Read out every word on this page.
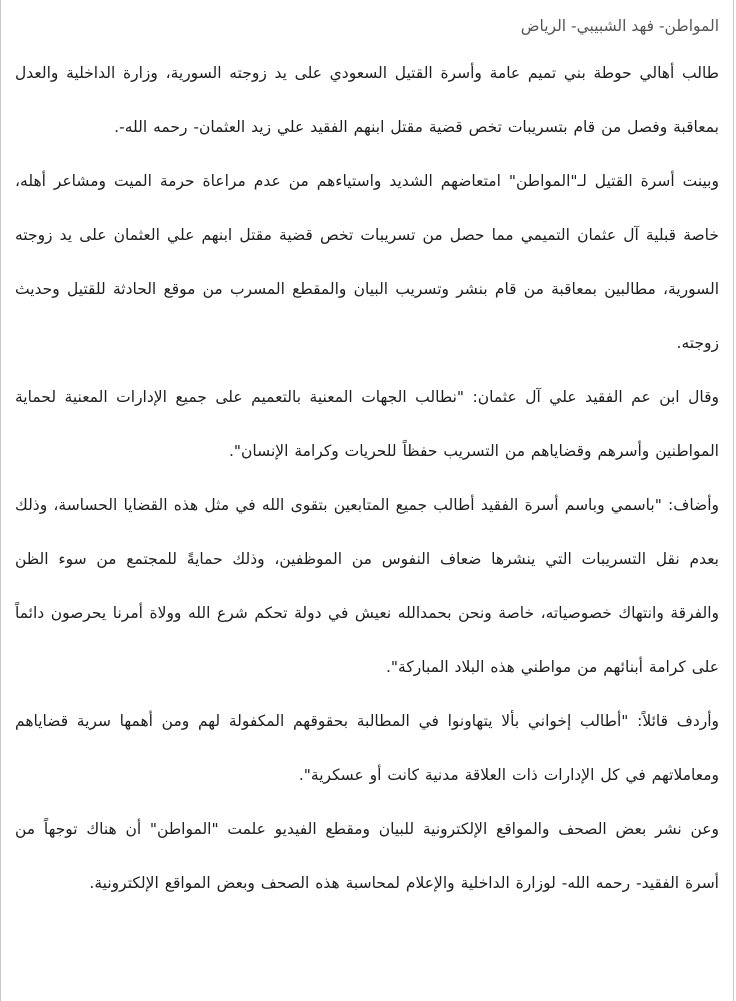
المواطن- فهد الشبيبي- الرياض

طالب أهالي حوطة بني تميم عامة وأسرة القتيل السعودي على يد زوجته السورية، وزارة الداخلية والعدل بمعاقبة وفصل من قام بتسريبات تخص قضية مقتل ابنهم الفقيد علي زيد العثمان- رحمه الله-.

وبينت أسرة القتيل لـ"المواطن" امتعاضهم الشديد واستياءهم من عدم مراعاة حرمة الميت ومشاعر أهله، خاصة قبلية آل عثمان التميمي مما حصل من تسريبات تخص قضية مقتل ابنهم علي العثمان على يد زوجته السورية، مطالبين بمعاقبة من قام بنشر وتسريب البيان والمقطع المسرب من موقع الحادثة للقتيل وحديث زوجته.

وقال ابن عم الفقيد علي آل عثمان: "نطالب الجهات المعنية بالتعميم على جميع الإدارات المعنية لحماية المواطنين وأسرهم وقضاياهم من التسريب حفظاً للحريات وكرامة الإنسان".

وأضاف: "باسمي وباسم أسرة الفقيد أطالب جميع المتابعين بتقوى الله في مثل هذه القضايا الحساسة، وذلك بعدم نقل التسريبات التي ينشرها ضعاف النفوس من الموظفين، وذلك حمايةً للمجتمع من سوء الظن والفرقة وانتهاك خصوصياته، خاصة ونحن بحمدالله نعيش في دولة تحكم شرع الله وولاة أمرنا يحرصون دائماً على كرامة أبنائهم من مواطني هذه البلاد المباركة".

وأردف قائلاً: "أطالب إخواني بألا يتهاونوا في المطالبة بحقوقهم المكفولة لهم ومن أهمها سرية قضاياهم ومعاملاتهم في كل الإدارات ذات العلاقة مدنية كانت أو عسكرية".

وعن نشر بعض الصحف والمواقع الإلكترونية للبيان ومقطع الفيديو علمت "المواطن" أن هناك توجهاً من أسرة الفقيد- رحمه الله- لوزارة الداخلية والإعلام لمحاسبة هذه الصحف وبعض المواقع الإلكترونية.
